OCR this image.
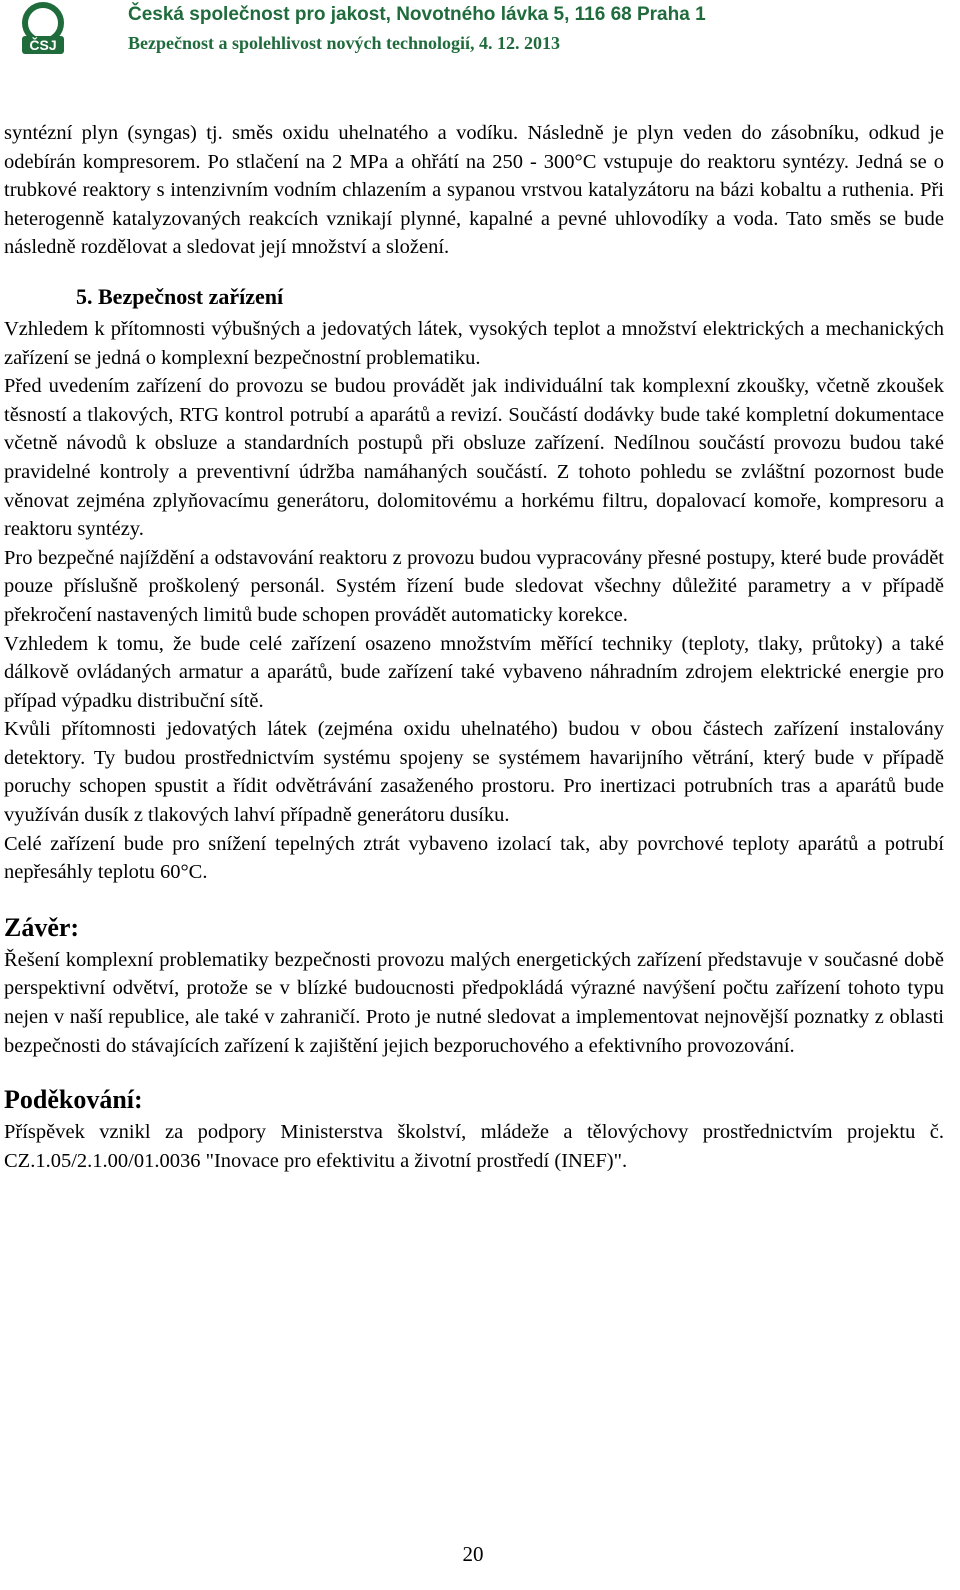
ČSJ
Česká společnost pro jakost, Novotného lávka 5, 116 68 Praha 1
Bezpečnost a spolehlivost nových technologií, 4. 12. 2013

syntézní plyn (syngas) tj. směs oxidu uhelnatého a vodíku. Následně je plyn veden do zásobníku, odkud je odebírán kompresorem. Po stlačení na 2 MPa a ohřátí na 250 - 300°C vstupuje do reaktoru syntézy. Jedná se o trubkové reaktory s intenzivním vodním chlazením a sypanou vrstvou katalyzátoru na bázi kobaltu a ruthenia. Při heterogenně katalyzovaných reakcích vznikají plynné, kapalné a pevné uhlovodíky a voda. Tato směs se bude následně rozdělovat a sledovat její množství a složení.

5. Bezpečnost zařízení

Vzhledem k přítomnosti výbušných a jedovatých látek, vysokých teplot a množství elektrických a mechanických zařízení se jedná o komplexní bezpečnostní problematiku.

Před uvedením zařízení do provozu se budou provádět jak individuální tak komplexní zkoušky, včetně zkoušek těsností a tlakových, RTG kontrol potrubí a aparátů a revizí. Součástí dodávky bude také kompletní dokumentace včetně návodů k obsluze a standardních postupů při obsluze zařízení. Nedílnou součástí provozu budou také pravidelné kontroly a preventivní údržba namáhaných součástí. Z tohoto pohledu se zvláštní pozornost bude věnovat zejména zplyňovacímu generátoru, dolomitovému a horkému filtru, dopalovací komoře, kompresoru a reaktoru syntézy.

Pro bezpečné najíždění a odstavování reaktoru z provozu budou vypracovány přesné postupy, které bude provádět pouze příslušně proškolený personál. Systém řízení bude sledovat všechny důležité parametry a v případě překročení nastavených limitů bude schopen provádět automaticky korekce.

Vzhledem k tomu, že bude celé zařízení osazeno množstvím měřící techniky (teploty, tlaky, průtoky) a také dálkově ovládaných armatur a aparátů, bude zařízení také vybaveno náhradním zdrojem elektrické energie pro případ výpadku distribuční sítě.

Kvůli přítomnosti jedovatých látek (zejména oxidu uhelnatého) budou v obou částech zařízení instalovány detektory. Ty budou prostřednictvím systému spojeny se systémem havarijního větrání, který bude v případě poruchy schopen spustit a řídit odvětrávání zasaženého prostoru. Pro inertizaci potrubních tras a aparátů bude využíván dusík z tlakových lahví případně generátoru dusíku.

Celé zařízení bude pro snížení tepelných ztrát vybaveno izolací tak, aby povrchové teploty aparátů a potrubí nepřesáhly teplotu 60°C.

Závěr:

Řešení komplexní problematiky bezpečnosti provozu malých energetických zařízení představuje v současné době perspektivní odvětví, protože se v blízké budoucnosti předpokládá výrazné navýšení počtu zařízení tohoto typu nejen v naší republice, ale také v zahraničí. Proto je nutné sledovat a implementovat nejnovější poznatky z oblasti bezpečnosti do stávajících zařízení k zajištění jejich bezporuchového a efektivního provozování.

Poděkování:

Příspěvek vznikl za podpory Ministerstva školství, mládeže a tělovýchovy prostřednictvím projektu č. CZ.1.05/2.1.00/01.0036 "Inovace pro efektivitu a životní prostředí (INEF)".

20
